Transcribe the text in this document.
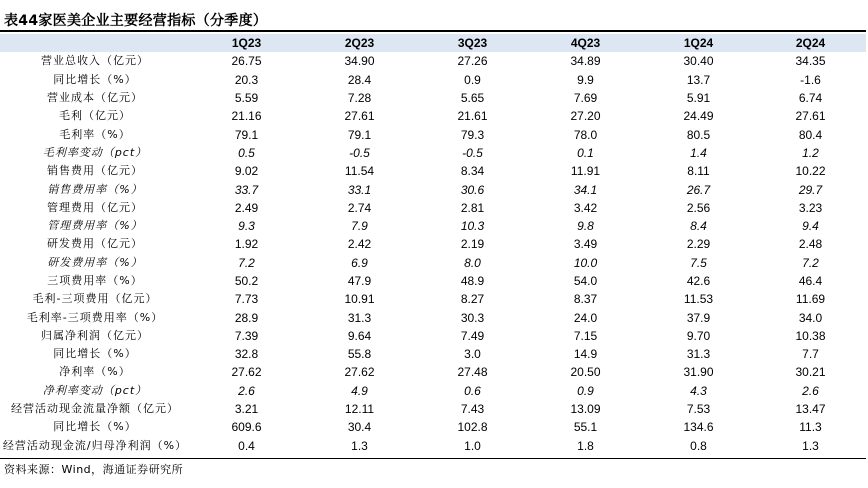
表44家医美企业主要经营指标（分季度）
	1Q23	2Q23	3Q23	4Q23	1Q24	2Q24
营业总收入（亿元）	26.75	34.90	27.26	34.89	30.40	34.35
同比增长（%）	20.3	28.4	0.9	9.9	13.7	-1.6
营业成本（亿元）	5.59	7.28	5.65	7.69	5.91	6.74
毛利（亿元）	21.16	27.61	21.61	27.20	24.49	27.61
毛利率（%）	79.1	79.1	79.3	78.0	80.5	80.4
毛利率变动（pct）	0.5	-0.5	-0.5	0.1	1.4	1.2
销售费用（亿元）	9.02	11.54	8.34	11.91	8.11	10.22
销售费用率（%）	33.7	33.1	30.6	34.1	26.7	29.7
管理费用（亿元）	2.49	2.74	2.81	3.42	2.56	3.23
管理费用率（%）	9.3	7.9	10.3	9.8	8.4	9.4
研发费用（亿元）	1.92	2.42	2.19	3.49	2.29	2.48
研发费用率（%）	7.2	6.9	8.0	10.0	7.5	7.2
三项费用率（%）	50.2	47.9	48.9	54.0	42.6	46.4
毛利-三项费用（亿元）	7.73	10.91	8.27	8.37	11.53	11.69
毛利率-三项费用率（%）	28.9	31.3	30.3	24.0	37.9	34.0
归属净利润（亿元）	7.39	9.64	7.49	7.15	9.70	10.38
同比增长（%）	32.8	55.8	3.0	14.9	31.3	7.7
净利率（%）	27.62	27.62	27.48	20.50	31.90	30.21
净利率变动（pct）	2.6	4.9	0.6	0.9	4.3	2.6
经营活动现金流量净额（亿元）	3.21	12.11	7.43	13.09	7.53	13.47
同比增长（%）	609.6	30.4	102.8	55.1	134.6	11.3
经营活动现金流/归母净利润（%）	0.4	1.3	1.0	1.8	0.8	1.3
资料来源：Wind，海通证券研究所
